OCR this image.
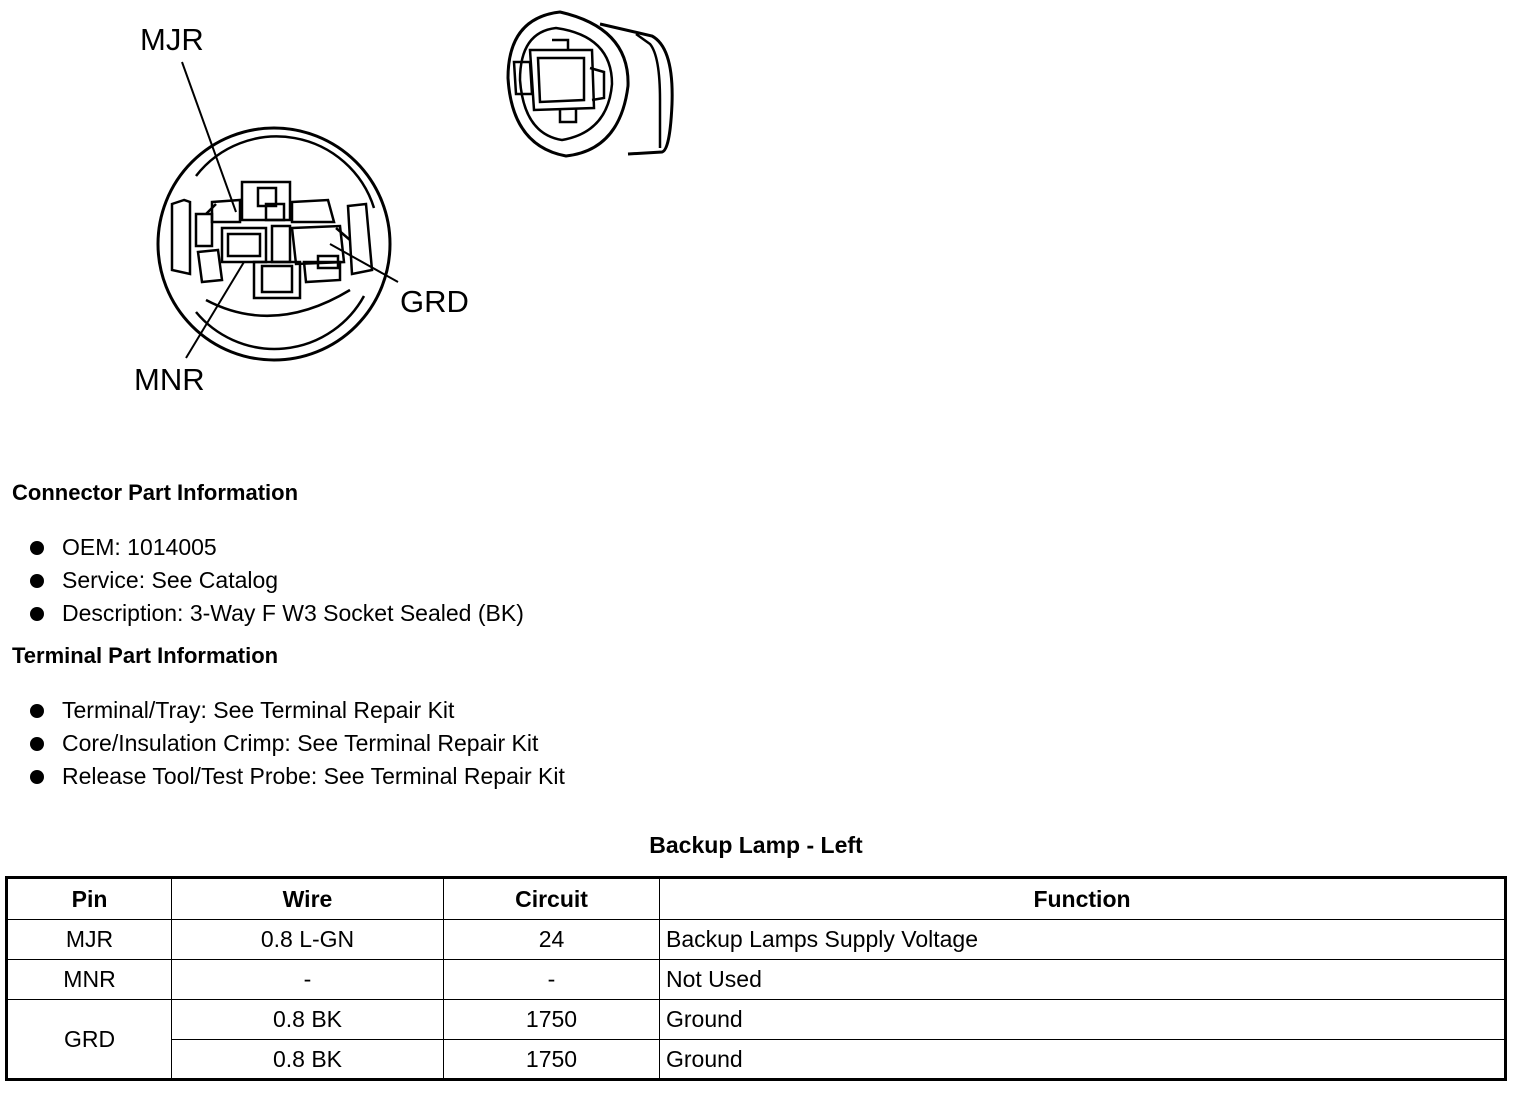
MJR
GRD
MNR
Connector Part Information
OEM: 1014005
Service: See Catalog
Description: 3-Way F W3 Socket Sealed (BK)
Terminal Part Information
Terminal/Tray: See Terminal Repair Kit
Core/Insulation Crimp: See Terminal Repair Kit
Release Tool/Test Probe: See Terminal Repair Kit
Backup Lamp - Left
Pin	Wire	Circuit	Function
MJR	0.8 L-GN	24	Backup Lamps Supply Voltage
MNR	-	-	Not Used
GRD	0.8 BK	1750	Ground
	0.8 BK	1750	Ground
